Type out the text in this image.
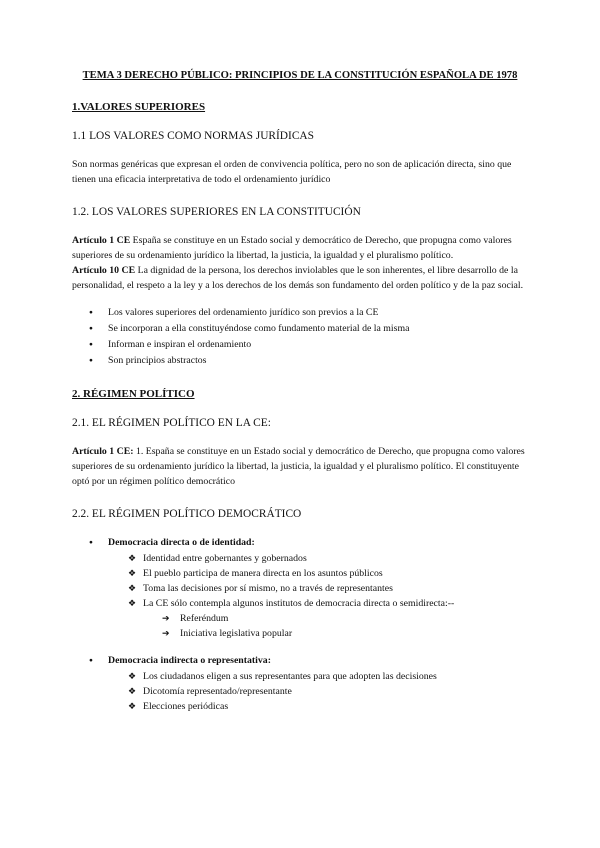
TEMA 3 DERECHO PÚBLICO: PRINCIPIOS DE LA CONSTITUCIÓN ESPAÑOLA DE 1978
1.VALORES SUPERIORES
1.1 LOS VALORES COMO NORMAS JURÍDICAS

Son normas genéricas que expresan el orden de convivencia política, pero no son de aplicación directa, sino que tienen una eficacia interpretativa de todo el ordenamiento jurídico

1.2. LOS VALORES SUPERIORES EN LA CONSTITUCIÓN

Artículo 1 CE España se constituye en un Estado social y democrático de Derecho, que propugna como valores superiores de su ordenamiento jurídico la libertad, la justicia, la igualdad y el pluralismo político.

Artículo 10 CE La dignidad de la persona, los derechos inviolables que le son inherentes, el libre desarrollo de la personalidad, el respeto a la ley y a los derechos de los demás son fundamento del orden político y de la paz social.

● Los valores superiores del ordenamiento jurídico son previos a la CE
● Se incorporan a ella constituyéndose como fundamento material de la misma
● Informan e inspiran el ordenamiento
● Son principios abstractos
2. RÉGIMEN POLÍTICO
2.1. EL RÉGIMEN POLÍTICO EN LA CE:

Artículo 1 CE: 1. España se constituye en un Estado social y democrático de Derecho, que propugna como valores superiores de su ordenamiento jurídico la libertad, la justicia, la igualdad y el pluralismo político. El constituyente optó por un régimen político democrático

2.2. EL RÉGIMEN POLÍTICO DEMOCRÁTICO
● Democracia directa o de identidad:
❖ Identidad entre gobernantes y gobernados
❖ El pueblo participa de manera directa en los asuntos públicos
❖ Toma las decisiones por sí mismo, no a través de representantes
❖ La CE sólo contempla algunos institutos de democracia directa o semidirecta:--
➔ Referéndum
➔ Iniciativa legislativa popular
● Democracia indirecta o representativa:
❖ Los ciudadanos eligen a sus representantes para que adopten las decisiones
❖ Dicotomía representado/representante
❖ Elecciones periódicas
